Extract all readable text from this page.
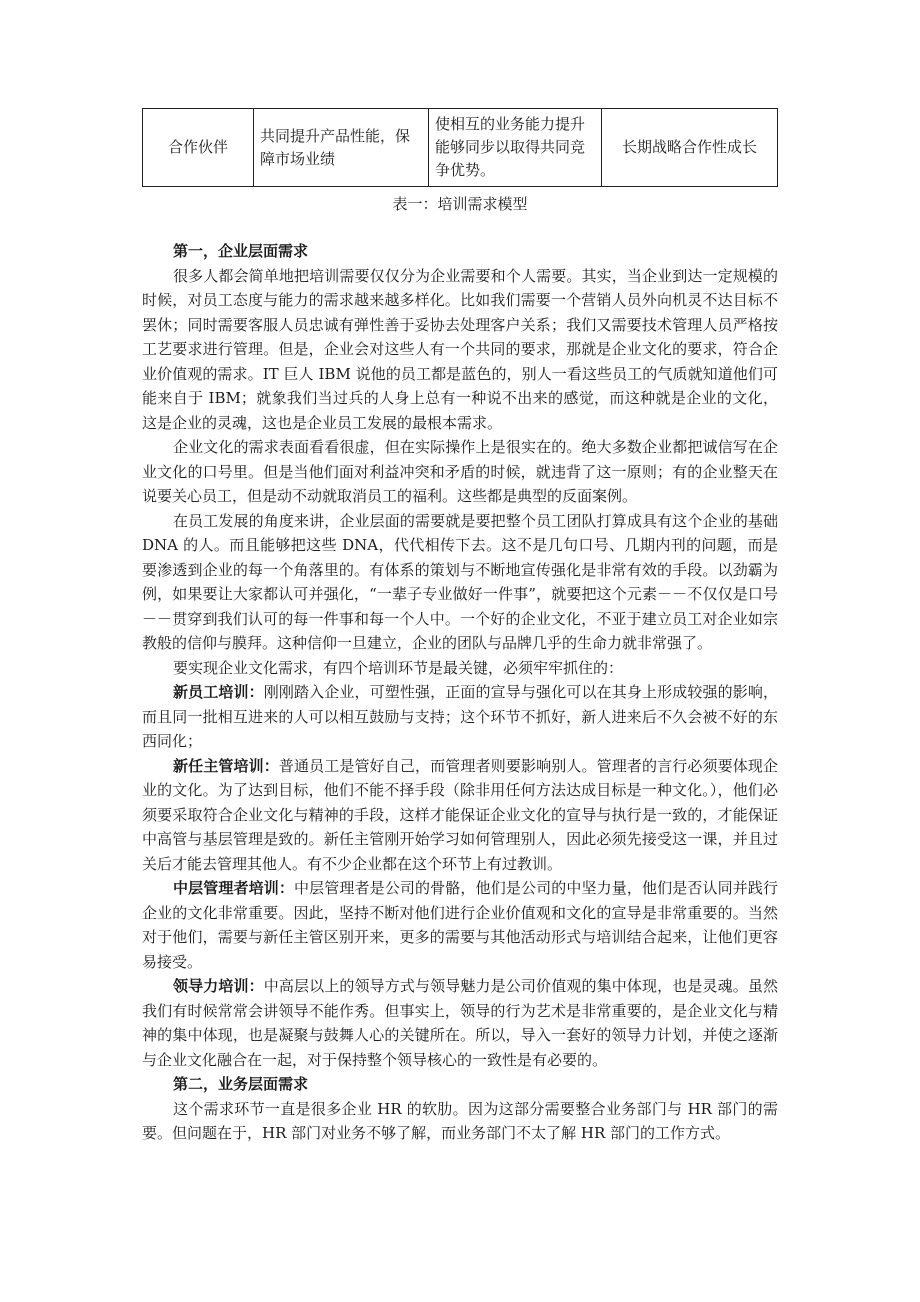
合作伙伴	共同提升产品性能，保障市场业绩	使相互的业务能力提升能够同步以取得共同竞争优势。	长期战略合作性成长
表一：培训需求模型

第一，企业层面需求

很多人都会简单地把培训需要仅仅分为企业需要和个人需要。其实，当企业到达一定规模的时候，对员工态度与能力的需求越来越多样化。比如我们需要一个营销人员外向机灵不达目标不罢休；同时需要客服人员忠诚有弹性善于妥协去处理客户关系；我们又需要技术管理人员严格按工艺要求进行管理。但是，企业会对这些人有一个共同的要求，那就是企业文化的要求，符合企业价值观的需求。IT 巨人 IBM 说他的员工都是蓝色的，别人一看这些员工的气质就知道他们可能来自于 IBM；就象我们当过兵的人身上总有一种说不出来的感觉，而这种就是企业的文化，这是企业的灵魂，这也是企业员工发展的最根本需求。

企业文化的需求表面看看很虚，但在实际操作上是很实在的。绝大多数企业都把诚信写在企业文化的口号里。但是当他们面对利益冲突和矛盾的时候，就违背了这一原则；有的企业整天在说要关心员工，但是动不动就取消员工的福利。这些都是典型的反面案例。

在员工发展的角度来讲，企业层面的需要就是要把整个员工团队打算成具有这个企业的基础 DNA 的人。而且能够把这些 DNA，代代相传下去。这不是几句口号、几期内刊的问题，而是要渗透到企业的每一个角落里的。有体系的策划与不断地宣传强化是非常有效的手段。以劲霸为例，如果要让大家都认可并强化，“一辈子专业做好一件事”，就要把这个元素－－不仅仅是口号－－贯穿到我们认可的每一件事和每一个人中。一个好的企业文化，不亚于建立员工对企业如宗教般的信仰与膜拜。这种信仰一旦建立，企业的团队与品牌几乎的生命力就非常强了。

要实现企业文化需求，有四个培训环节是最关键，必须牢牢抓住的：

新员工培训：刚刚踏入企业，可塑性强，正面的宣导与强化可以在其身上形成较强的影响，而且同一批相互进来的人可以相互鼓励与支持；这个环节不抓好，新人进来后不久会被不好的东西同化；

新任主管培训：普通员工是管好自己，而管理者则要影响别人。管理者的言行必须要体现企业的文化。为了达到目标，他们不能不择手段（除非用任何方法达成目标是一种文化。），他们必须要采取符合企业文化与精神的手段，这样才能保证企业文化的宣导与执行是一致的，才能保证中高管与基层管理是致的。新任主管刚开始学习如何管理别人，因此必须先接受这一课，并且过关后才能去管理其他人。有不少企业都在这个环节上有过教训。

中层管理者培训：中层管理者是公司的骨骼，他们是公司的中坚力量，他们是否认同并践行企业的文化非常重要。因此，坚持不断对他们进行企业价值观和文化的宣导是非常重要的。当然对于他们，需要与新任主管区别开来，更多的需要与其他活动形式与培训结合起来，让他们更容易接受。

领导力培训：中高层以上的领导方式与领导魅力是公司价值观的集中体现，也是灵魂。虽然我们有时候常常会讲领导不能作秀。但事实上，领导的行为艺术是非常重要的，是企业文化与精神的集中体现，也是凝聚与鼓舞人心的关键所在。所以，导入一套好的领导力计划，并使之逐渐与企业文化融合在一起，对于保持整个领导核心的一致性是有必要的。

第二，业务层面需求

这个需求环节一直是很多企业 HR 的软肋。因为这部分需要整合业务部门与 HR 部门的需要。但问题在于，HR 部门对业务不够了解，而业务部门不太了解 HR 部门的工作方式。
